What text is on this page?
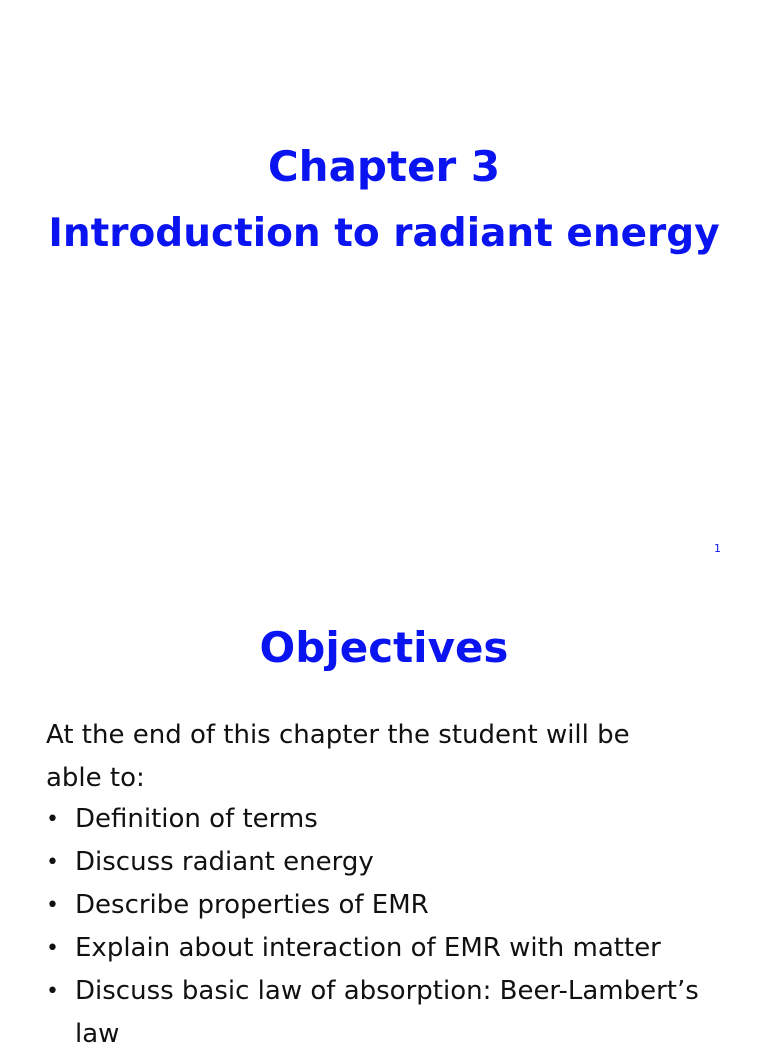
Chapter 3
Introduction to radiant energy
1
Objectives
At the end of this chapter the student will be able to:
• Definition of terms
• Discuss radiant energy
• Describe properties of EMR
• Explain about interaction of EMR with matter
• Discuss basic law of absorption: Beer-Lambert’s law
